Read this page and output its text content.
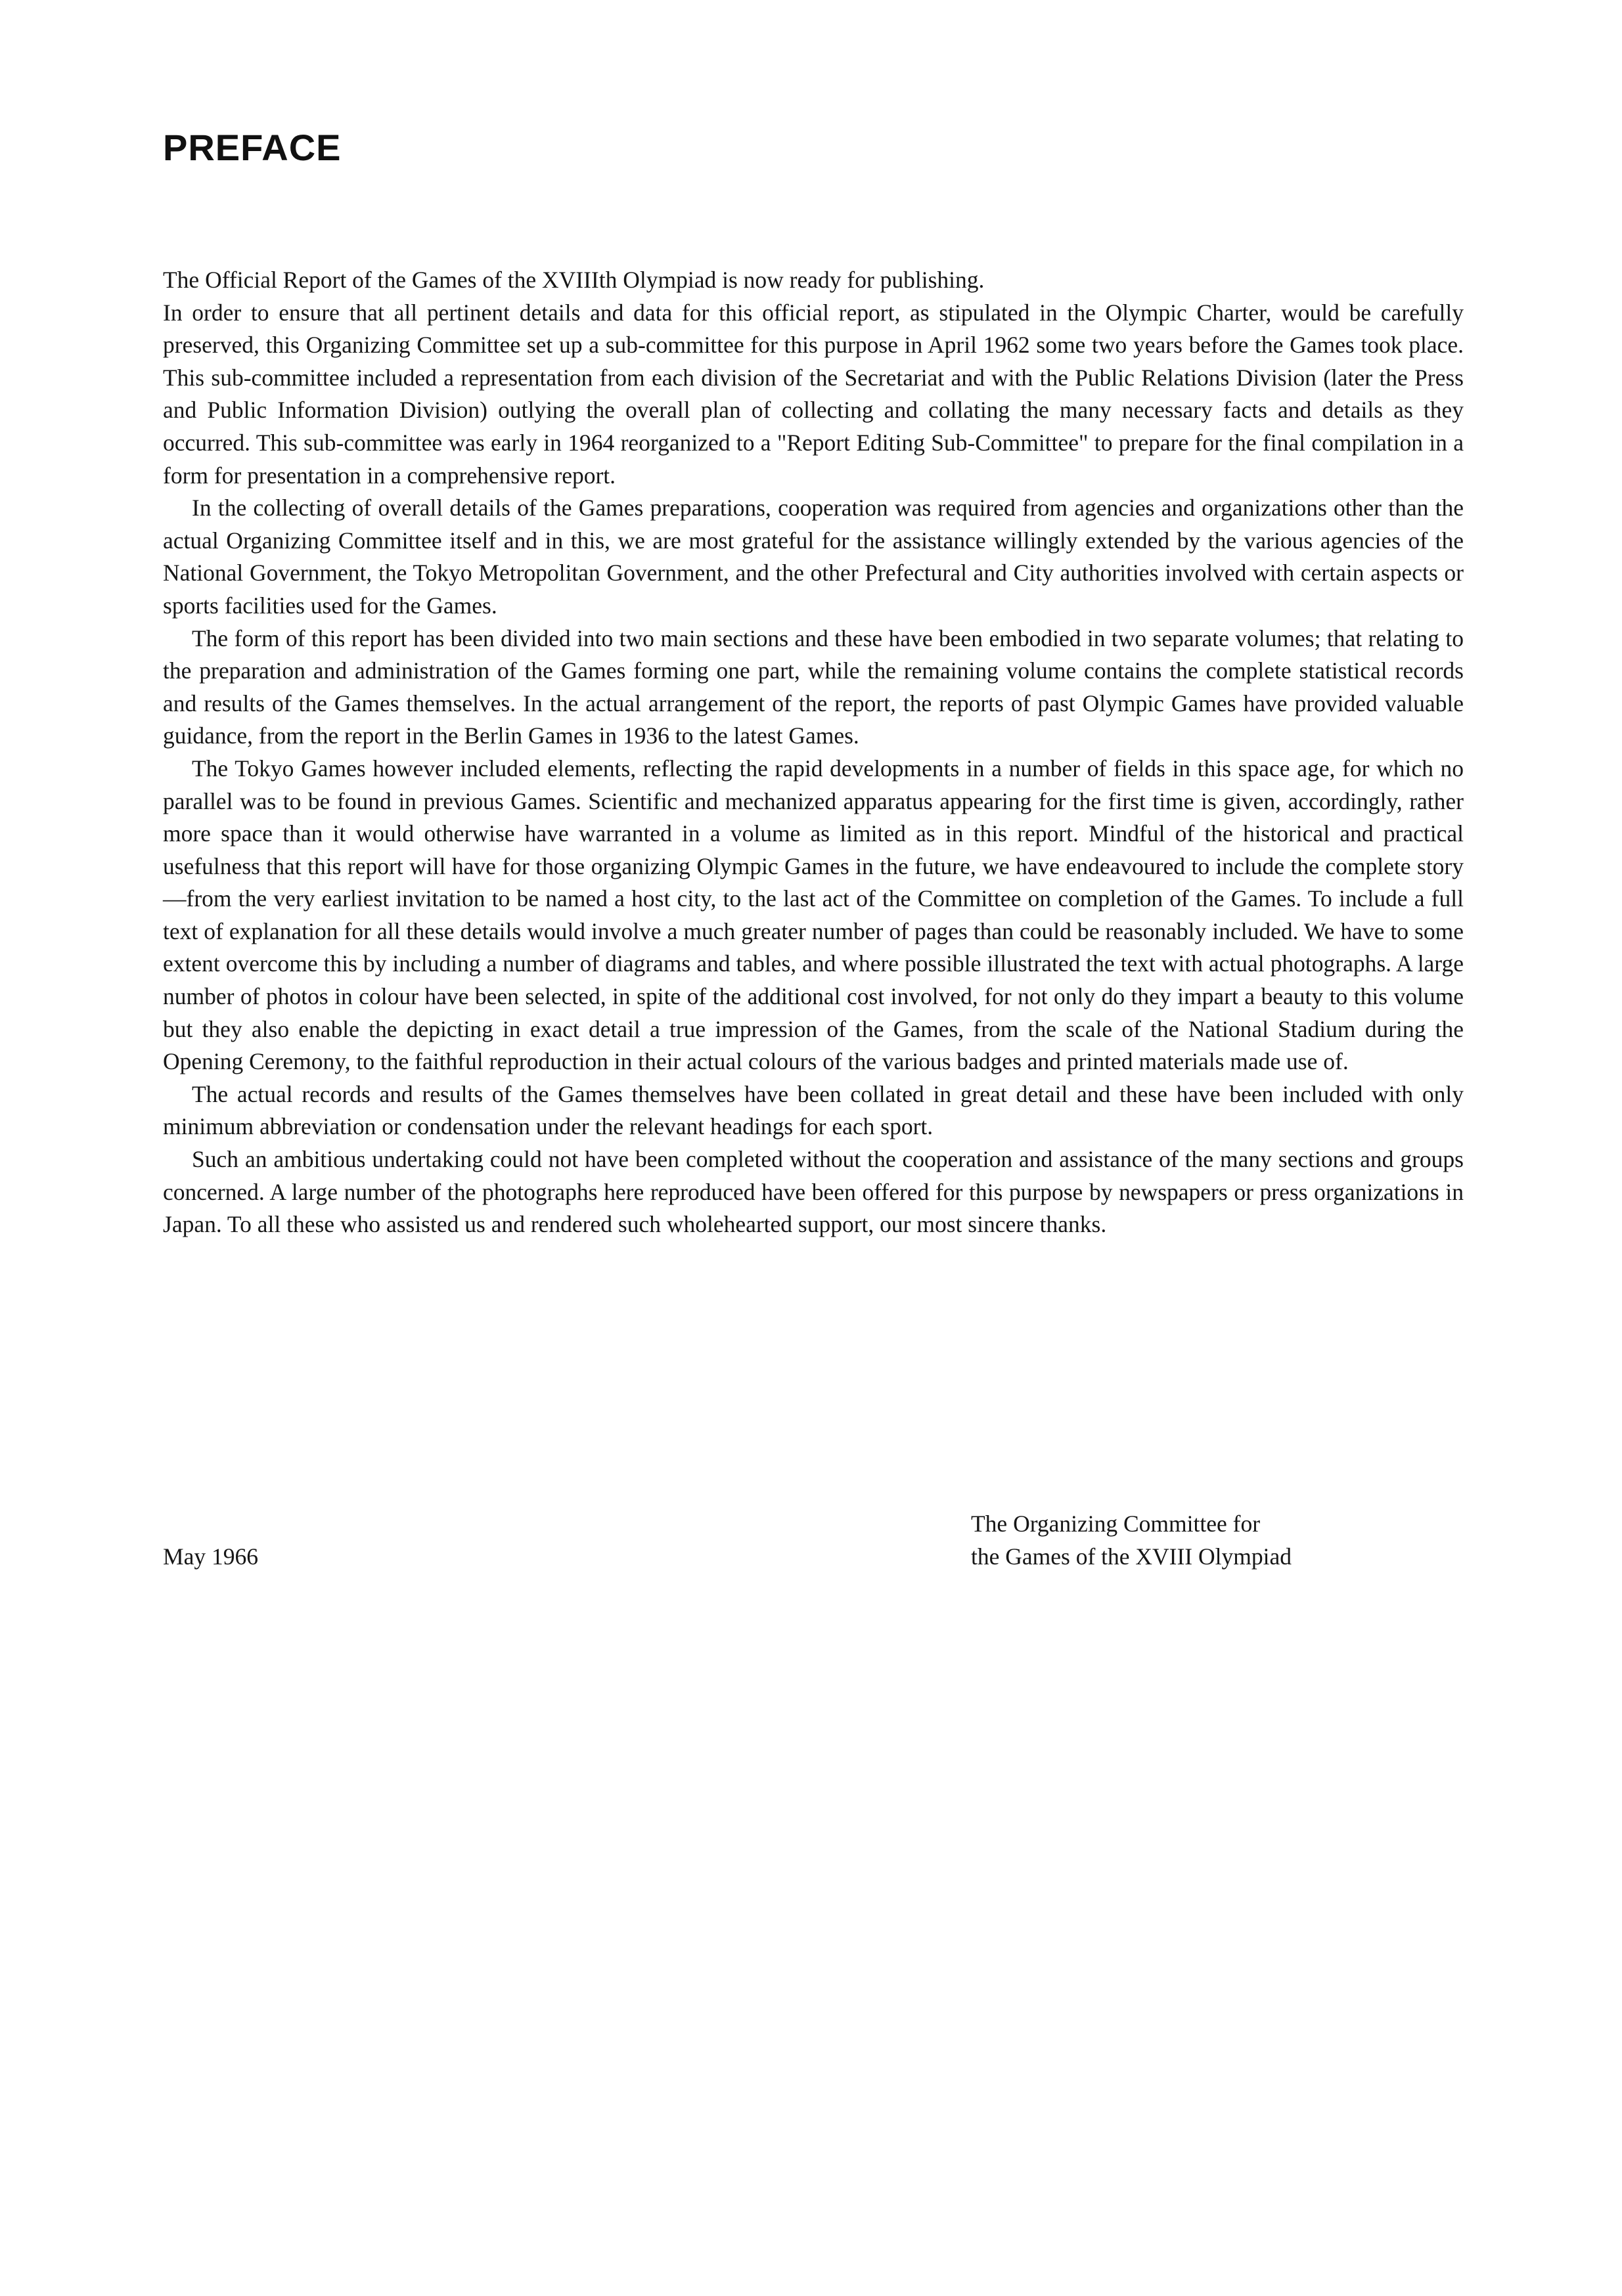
PREFACE

The Official Report of the Games of the XVIIIth Olympiad is now ready for publishing.

In order to ensure that all pertinent details and data for this official report, as stipulated in the Olympic Charter, would be carefully preserved, this Organizing Committee set up a sub-committee for this purpose in April 1962 some two years before the Games took place. This sub-committee included a representation from each division of the Secretariat and with the Public Relations Division (later the Press and Public Information Division) outlying the overall plan of collecting and collating the many necessary facts and details as they occurred. This sub-committee was early in 1964 reorganized to a "Report Editing Sub-Committee" to prepare for the final compilation in a form for presentation in a comprehensive report.

In the collecting of overall details of the Games preparations, cooperation was required from agencies and organizations other than the actual Organizing Committee itself and in this, we are most grateful for the assistance willingly extended by the various agencies of the National Government, the Tokyo Metropolitan Government, and the other Prefectural and City authorities involved with certain aspects or sports facilities used for the Games.

The form of this report has been divided into two main sections and these have been embodied in two separate volumes; that relating to the preparation and administration of the Games forming one part, while the remaining volume contains the complete statistical records and results of the Games themselves. In the actual arrangement of the report, the reports of past Olympic Games have provided valuable guidance, from the report in the Berlin Games in 1936 to the latest Games.

The Tokyo Games however included elements, reflecting the rapid developments in a number of fields in this space age, for which no parallel was to be found in previous Games. Scientific and mechanized apparatus appearing for the first time is given, accordingly, rather more space than it would otherwise have warranted in a volume as limited as in this report. Mindful of the historical and practical usefulness that this report will have for those organizing Olympic Games in the future, we have endeavoured to include the complete story—from the very earliest invitation to be named a host city, to the last act of the Committee on completion of the Games. To include a full text of explanation for all these details would involve a much greater number of pages than could be reasonably included. We have to some extent overcome this by including a number of diagrams and tables, and where possible illustrated the text with actual photographs. A large number of photos in colour have been selected, in spite of the additional cost involved, for not only do they impart a beauty to this volume but they also enable the depicting in exact detail a true impression of the Games, from the scale of the National Stadium during the Opening Ceremony, to the faithful reproduction in their actual colours of the various badges and printed materials made use of.

The actual records and results of the Games themselves have been collated in great detail and these have been included with only minimum abbreviation or condensation under the relevant headings for each sport.

Such an ambitious undertaking could not have been completed without the cooperation and assistance of the many sections and groups concerned. A large number of the photographs here reproduced have been offered for this purpose by newspapers or press organizations in Japan. To all these who assisted us and rendered such wholehearted support, our most sincere thanks.

The Organizing Committee for
the Games of the XVIII Olympiad
May 1966
